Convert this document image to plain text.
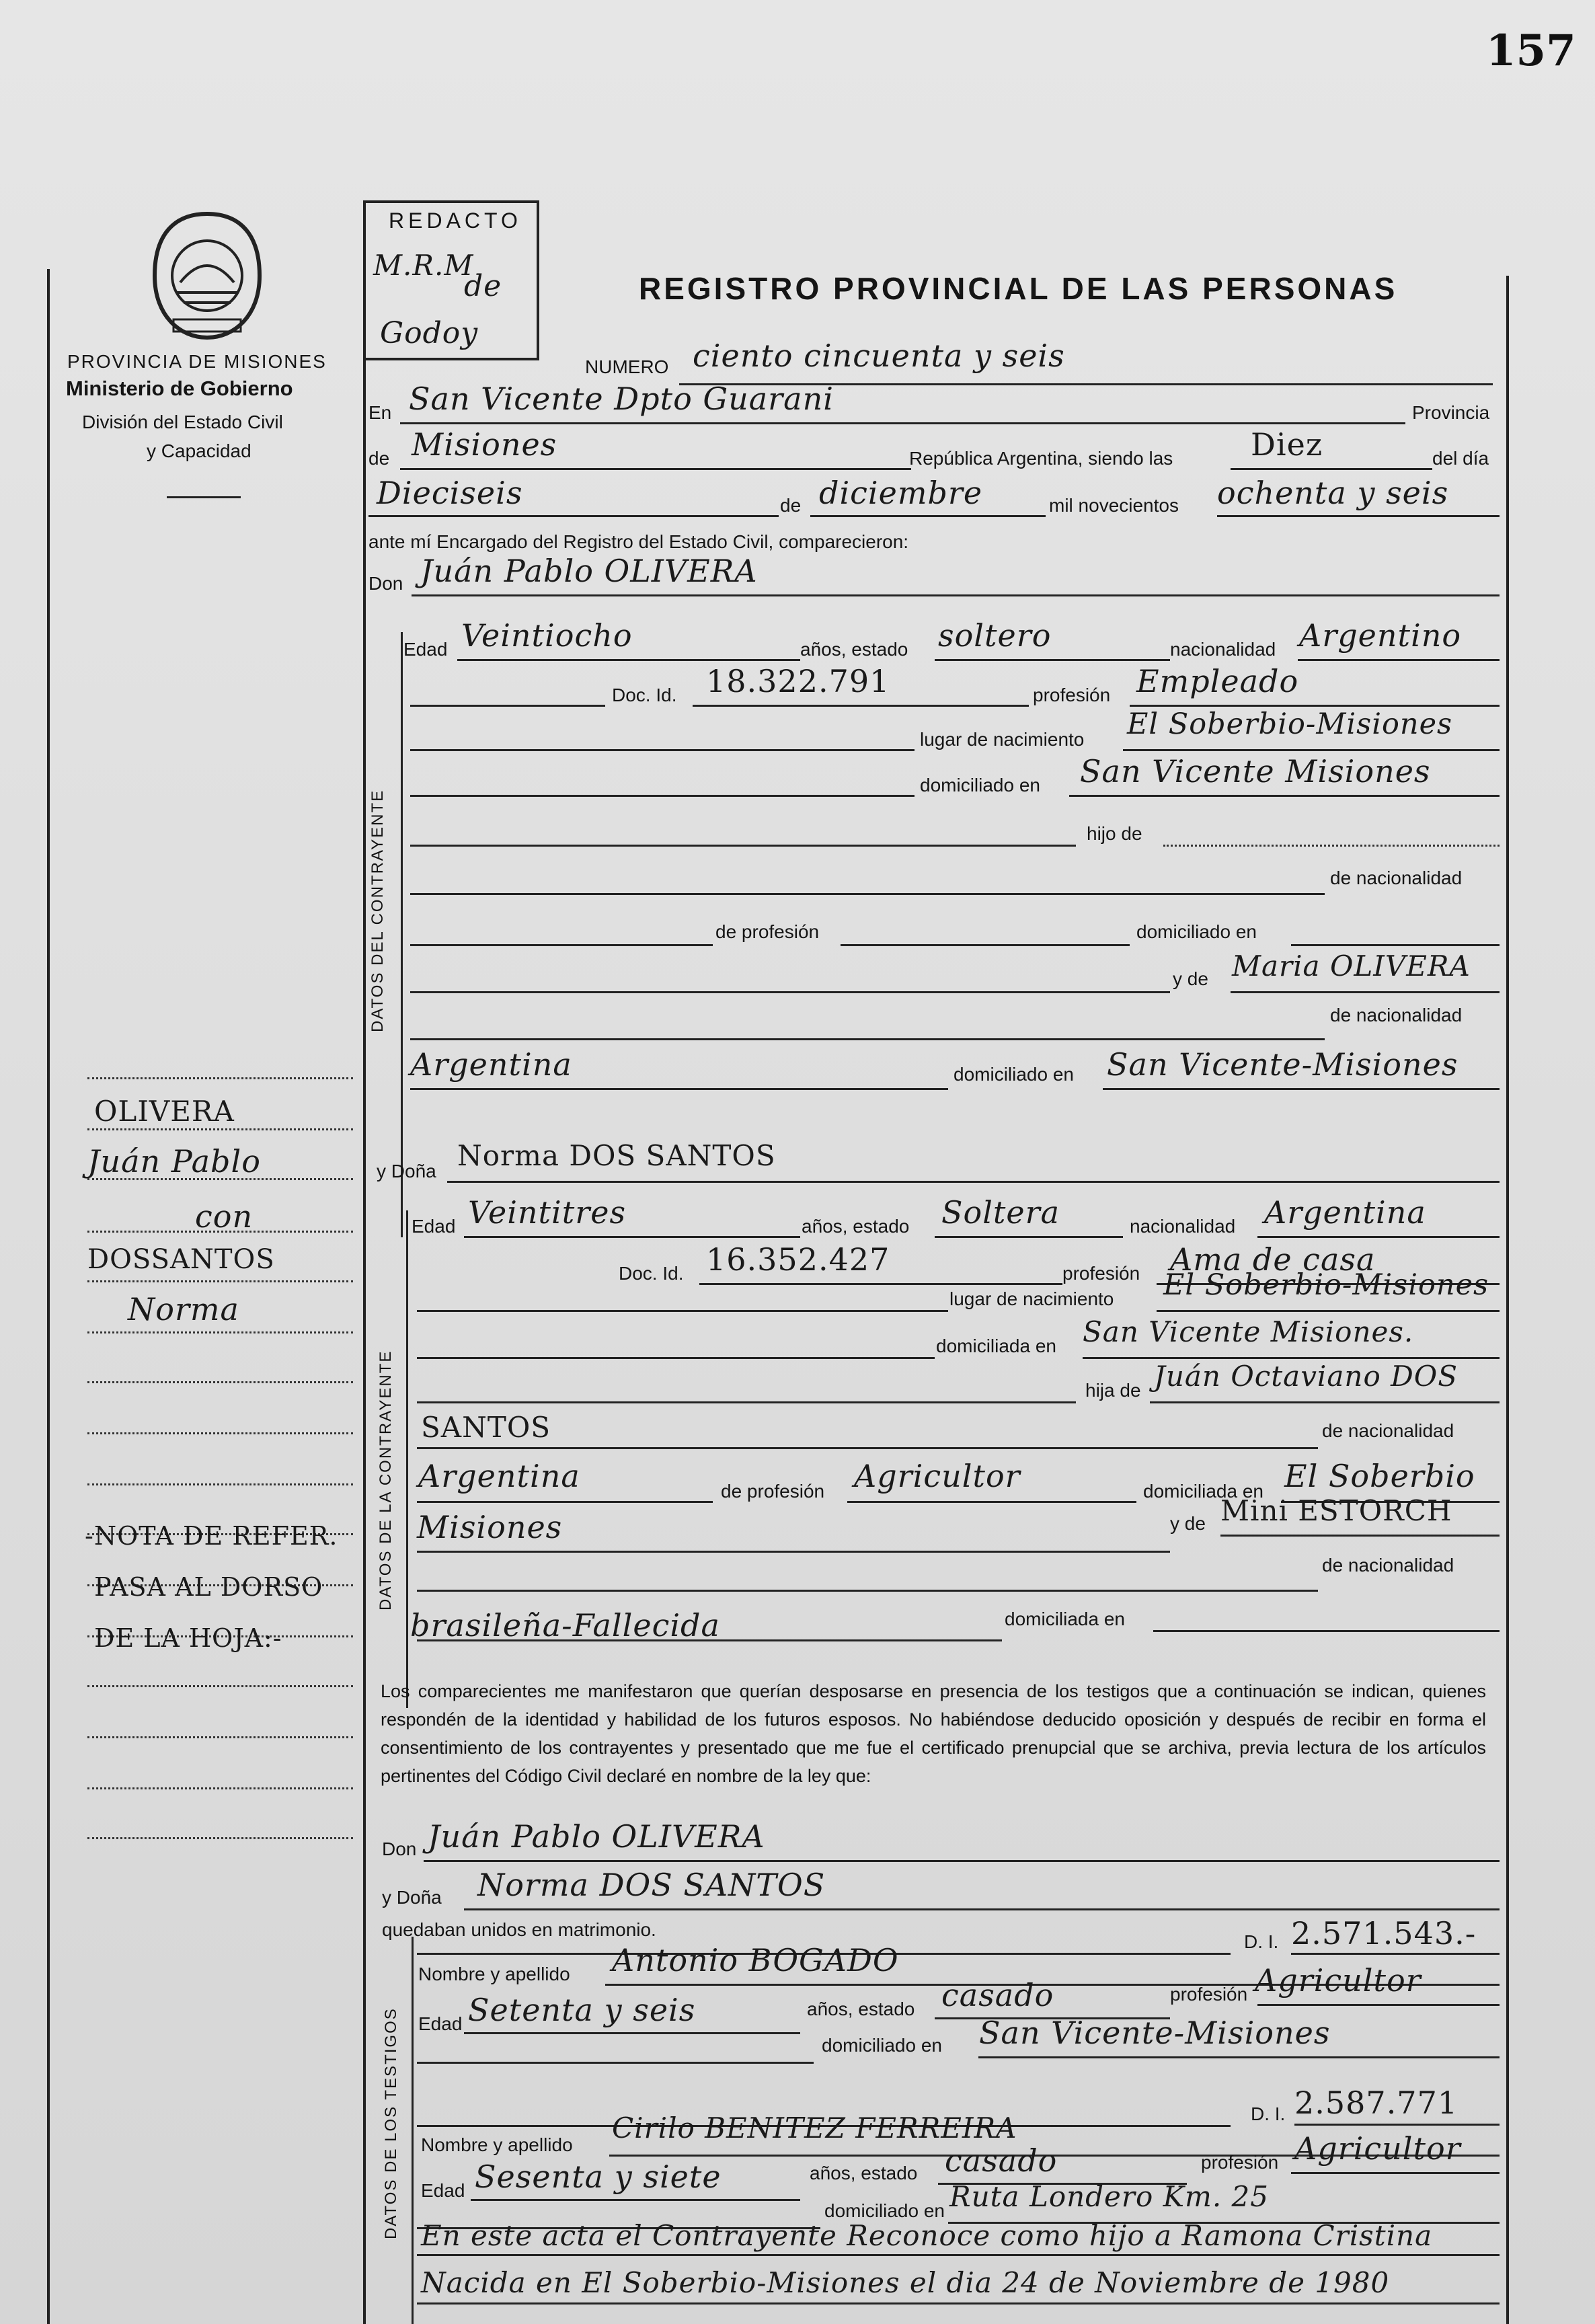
157
PROVINCIA DE MISIONES
Ministerio de Gobierno
División del Estado Civil
y Capacidad
REDACTO
M.R.M
de
Godoy
REGISTRO PROVINCIAL DE LAS PERSONAS
OLIVERA
Juán Pablo
con
DOSSANTOS
Norma
-NOTA DE REFER.
PASA AL DORSO
DE LA HOJA:-
NUMERO ciento cincuenta y seis
En San Vicente Dpto Guarani	Provincia
de Misiones	República Argentina, siendo las	Diez	del día
Dieciseis	de diciembre	mil novecientos ochenta y seis
ante mí Encargado del Registro del Estado Civil, comparecieron:
Don Juán Pablo OLIVERA
DATOS DEL CONTRAYENTE
Edad Veintiocho	años, estado soltero	nacionalidad Argentino
Doc. Id. 18.322.791	profesión Empleado
lugar de nacimiento El Soberbio-Misiones
domiciliado en San Vicente Misiones
hijo de
de nacionalidad
de profesión	domiciliado en
y de Maria OLIVERA
de nacionalidad
Argentina	domiciliado en San Vicente-Misiones
y Doña Norma DOS SANTOS
DATOS DE LA CONTRAYENTE
Edad Veintitres	años, estado Soltera	nacionalidad Argentina
Doc. Id. 16.352.427	profesión Ama de casa
lugar de nacimiento El Soberbio-Misiones
domiciliada en San Vicente Misiones.
hija de Juán Octaviano DOS
SANTOS	de nacionalidad
Argentina	de profesión Agricultor	domiciliada en El Soberbio
Misiones	y de Mini ESTORCH
de nacionalidad
brasileña-Fallecida	domiciliada en
Los comparecientes me manifestaron que querían desposarse en presencia de los testigos que a continuación se indican, quienes respondén de la identidad y habilidad de los futuros esposos. No habiéndose deducido oposición y después de recibir en forma el consentimiento de los contrayentes y presentado que me fue el certificado prenupcial que se archiva, previa lectura de los artículos pertinentes del Código Civil declaré en nombre de la ley que:
Don Juán Pablo OLIVERA
y Doña Norma DOS SANTOS
quedaban unidos en matrimonio.
DATOS DE LOS TESTIGOS
D. I. 2.571.543.-
Nombre y apellido Antonio BOGADO
Edad Setenta y seis	años, estado casado	profesión Agricultor
domiciliado en San Vicente-Misiones
D. I. 2.587.771
Nombre y apellido
Cirilo BENITEZ FERREIRA
Edad Sesenta y siete	años, estado casado	profesión Agricultor
domiciliado en Ruta Londero Km. 25
En este acta el Contrayente Reconoce como hijo a Ramona Cristina
Nacida en El Soberbio-Misiones el dia 24 de Noviembre de 1980
